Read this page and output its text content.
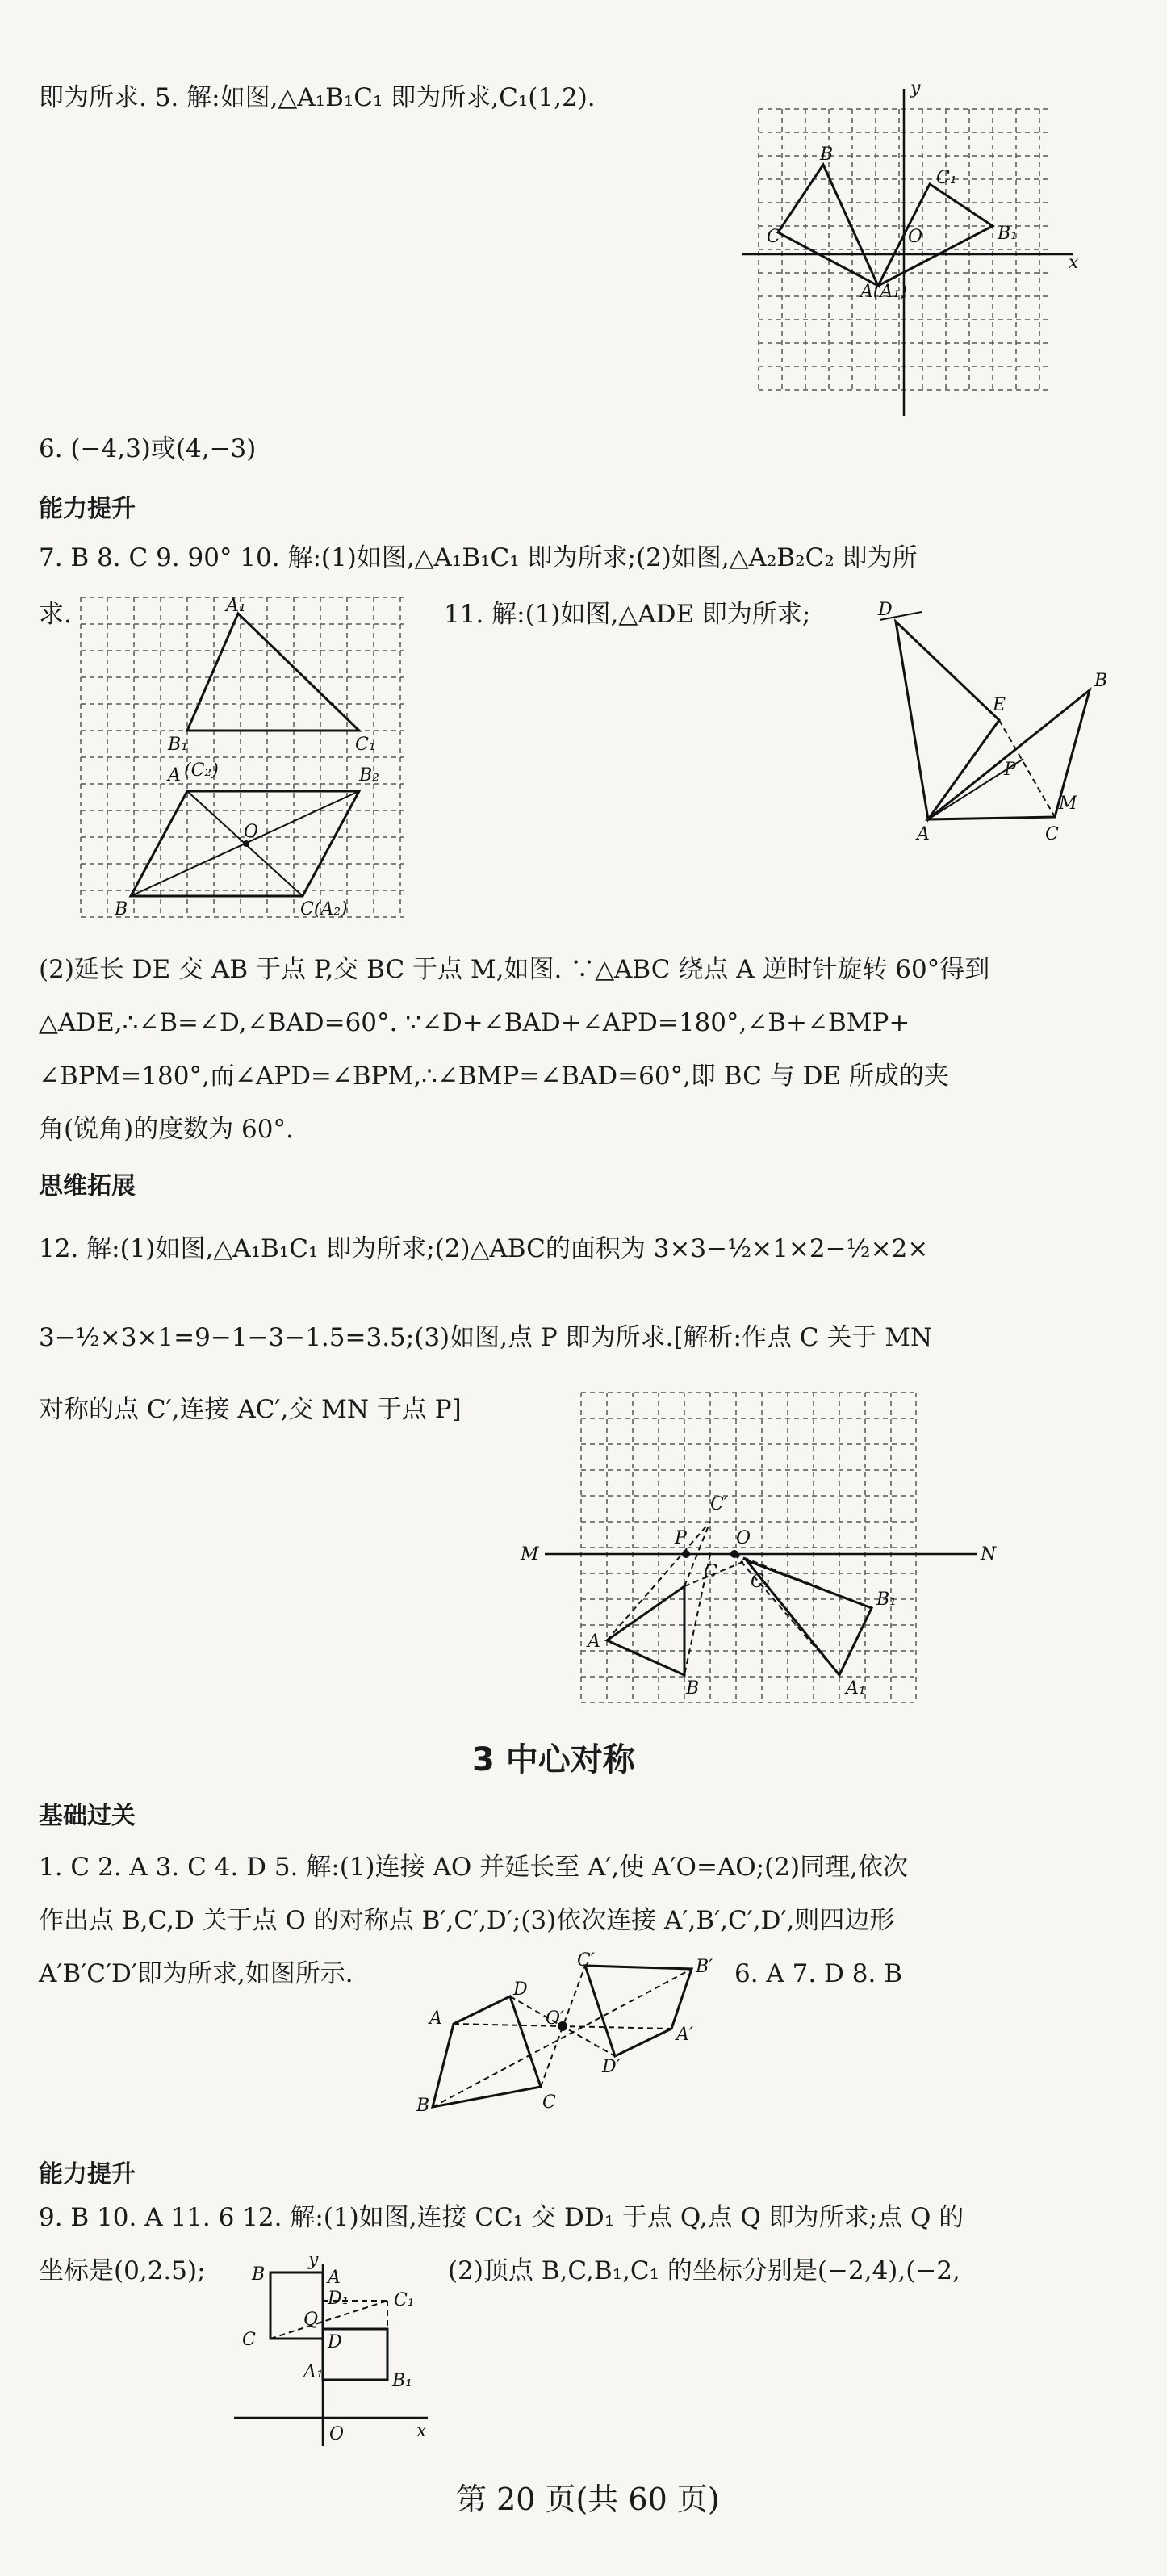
即为所求. 5. 解:如图,△A₁B₁C₁ 即为所求,C₁(1,2).
x
y
B
C₁
C	O	B₁
A(A₁)
6. (−4,3)或(4,−3)
能力提升
7. B 8. C 9. 90° 10. 解:(1)如图,△A₁B₁C₁ 即为所求;(2)如图,△A₂B₂C₂ 即为所
求.	A₁
B₁	C₁
A (C₂)	B₂
O
B	C(A₂)
11. 解:(1)如图,△ADE 即为所求;	D
E
B
P
A
M
C
(2)延长 DE 交 AB 于点 P,交 BC 于点 M,如图. ∵△ABC 绕点 A 逆时针旋转 60°得到
△ADE,∴∠B=∠D,∠BAD=60°. ∵∠D+∠BAD+∠APD=180°,∠B+∠BMP+
∠BPM=180°,而∠APD=∠BPM,∴∠BMP=∠BAD=60°,即 BC 与 DE 所成的夹
角(锐角)的度数为 60°.
思维拓展
12. 解:(1)如图,△A₁B₁C₁ 即为所求;(2)△ABC的面积为 3×3−½×1×2−½×2×
3−½×3×1=9−1−3−1.5=3.5;(3)如图,点 P 即为所求.[解析:作点 C 关于 MN
对称的点 C′,连接 AC′,交 MN 于点 P]
M	N
C′
P	O
C C₁
B₁
A
B	A₁
3 中心对称
基础过关
1. C 2. A 3. C 4. D 5. 解:(1)连接 AO 并延长至 A′,使 A′O=AO;(2)同理,依次
作出点 B,C,D 关于点 O 的对称点 B′,C′,D′;(3)依次连接 A′,B′,C′,D′,则四边形
A′B′C′D′即为所求,如图所示.	C′	B′
D
O′
A
A′
D′
C
B
6. A 7. D 8. B
能力提升
9. B 10. A 11. 6 12. 解:(1)如图,连接 CC₁ 交 DD₁ 于点 Q,点 Q 即为所求;点 Q 的
坐标是(0,2.5);	(2)顶点 B,C,B₁,C₁ 的坐标分别是(−2,4),(−2,
B
y
A
D₁
Q
C₁
C	D
A₁	B₁
O	x
第 20 页(共 60 页)
